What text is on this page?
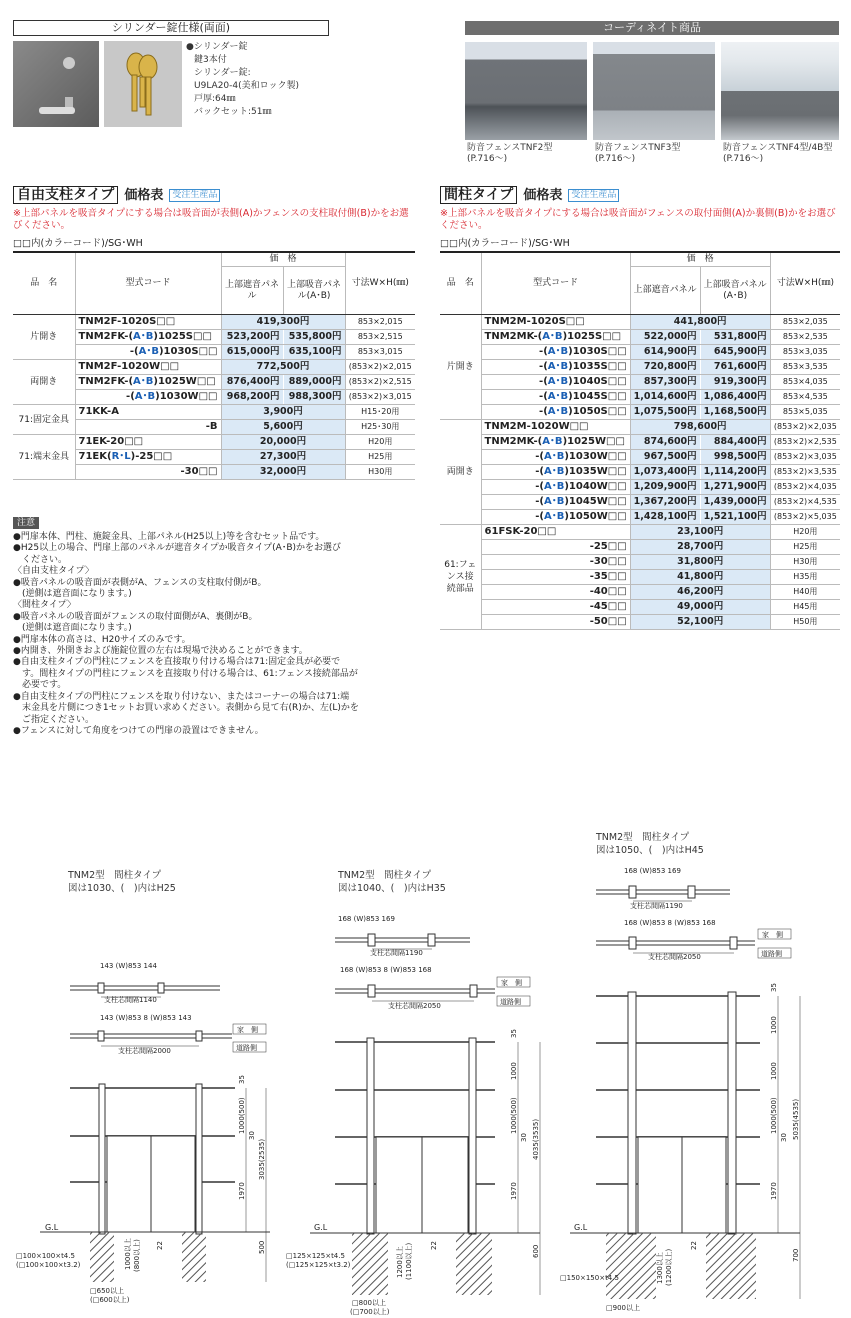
シリンダー錠仕様(両面)
●シリンダー錠
鍵3本付
シリンダー錠:
U9LA20-4(美和ロック製)
戸厚:64㎜
バックセット:51㎜
コーディネイト商品
防音フェンスTNF2型
(P.716～)
防音フェンスTNF3型
(P.716～)
防音フェンスTNF4型/4B型
(P.716～)
自由支柱タイプ 価格表 受注生産品
※上部パネルを吸音タイプにする場合は吸音面が表側(A)かフェンスの支柱取付側(B)かをお選びください。
□□内(カラーコード)/SG･WH
品　名	型式コード	価　格		寸法W×H(㎜)
		上部遮音パネル	上部吸音パネル(A･B)	
片開き	TNM2F-1020S□□	419,300円		853×2,015
	TNM2FK-(A･B)1025S□□	523,200円	535,800円	853×2,515
	-(A･B)1030S□□	615,000円	635,100円	853×3,015
両開き	TNM2F-1020W□□	772,500円		(853×2)×2,015
	TNM2FK-(A･B)1025W□□	876,400円	889,000円	(853×2)×2,515
	-(A･B)1030W□□	968,200円	988,300円	(853×2)×3,015
71:固定金具	71KK-A	3,900円		H15･20用
	-B	5,600円		H25･30用
71:端末金具	71EK-20□□	20,000円		H20用
	71EK(R･L)-25□□	27,300円		H25用
	-30□□	32,000円		H30用
注意
●門扉本体、門柱、施錠金具、上部パネル(H25以上)等を含むセット品です。
●H25以上の場合、門扉上部のパネルが遮音タイプか吸音タイプ(A･B)かをお選び
　ください。
〈自由支柱タイプ〉
●吸音パネルの吸音面が表側がA、フェンスの支柱取付側がB。
　(逆側は遮音面になります。)
〈間柱タイプ〉
●吸音パネルの吸音面がフェンスの取付面側がA、裏側がB。
　(逆側は遮音面になります。)
●門扉本体の高さは、H20サイズのみです。
●内開き、外開きおよび施錠位置の左右は現場で決めることができます。
●自由支柱タイプの門柱にフェンスを直接取り付ける場合は71:固定金具が必要で
　す。間柱タイプの門柱にフェンスを直接取り付ける場合は、61:フェンス接続部品が
　必要です。
●自由支柱タイプの門柱にフェンスを取り付けない、またはコーナーの場合は71:端
　末金具を片側につき1セットお買い求めください。表側から見て右(R)か、左(L)かを
　ご指定ください。
●フェンスに対して角度をつけての門扉の設置はできません。
間柱タイプ 価格表 受注生産品
※上部パネルを吸音タイプにする場合は吸音面がフェンスの取付面側(A)か裏側(B)かをお選びください。
□□内(カラーコード)/SG･WH
品　名	型式コード	価　格		寸法W×H(㎜)
		上部遮音パネル	上部吸音パネル(A･B)	
片開き	TNM2M-1020S□□	441,800円		853×2,035
	TNM2MK-(A･B)1025S□□	522,000円	531,800円	853×2,535
	-(A･B)1030S□□	614,900円	645,900円	853×3,035
	-(A･B)1035S□□	720,800円	761,600円	853×3,535
	-(A･B)1040S□□	857,300円	919,300円	853×4,035
	-(A･B)1045S□□	1,014,600円	1,086,400円	853×4,535
	-(A･B)1050S□□	1,075,500円	1,168,500円	853×5,035
両開き	TNM2M-1020W□□	798,600円		(853×2)×2,035
	TNM2MK-(A･B)1025W□□	874,600円	884,400円	(853×2)×2,535
	-(A･B)1030W□□	967,500円	998,500円	(853×2)×3,035
	-(A･B)1035W□□	1,073,400円	1,114,200円	(853×2)×3,535
	-(A･B)1040W□□	1,209,900円	1,271,900円	(853×2)×4,035
	-(A･B)1045W□□	1,367,200円	1,439,000円	(853×2)×4,535
	-(A･B)1050W□□	1,428,100円	1,521,100円	(853×2)×5,035
61:フェンス接続部品	61FSK-20□□	23,100円		H20用
	-25□□	28,700円		H25用
	-30□□	31,800円		H30用
	-35□□	41,800円		H35用
	-40□□	46,200円		H40用
	-45□□	49,000円		H45用
	-50□□	52,100円		H50用
TNM2型　間柱タイプ
図は1030、(　)内はH25
TNM2型　間柱タイプ
図は1040、(　)内はH35
TNM2型　間柱タイプ
図は1050、(　)内はH45
143 (W)853 144
支柱芯間隔1140
143 (W)853 8 (W)853 143
支柱芯間隔2000
家　側
道路側
G.L
35
1000(500)
30
1970
3035(2535)
500
22
1000以上 (800以上)
□100×100×t4.5
(□100×100×t3.2)
□650以上
(□600以上)
168 (W)853 169
支柱芯間隔1190
168 (W)853 8 (W)853 168
支柱芯間隔2050
家　側
道路側
G.L
35
1000
1000(500)
30
1970
4035(3535)
600
22
1200以上 (1100以上)
□125×125×t4.5
(□125×125×t3.2)
□800以上
(□700以上)
168 (W)853 169
支柱芯間隔1190
168 (W)853 8 (W)853 168
支柱芯間隔2050
家　側
道路側
G.L
35
1000
1000
1000(500)
30
1970
5035(4535)
700
22
1300以上 (1200以上)
□150×150×t4.5
□900以上
